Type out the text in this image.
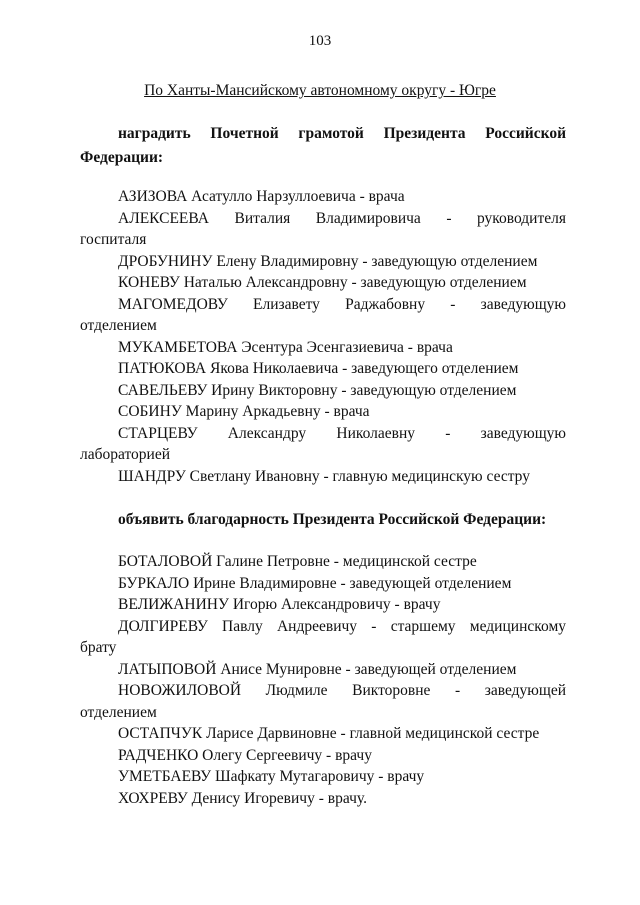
103
По Ханты-Мансийскому автономному округу - Югре
наградить Почетной грамотой Президента Российской
Федерации:
АЗИЗОВА Асатулло Нарзуллоевича - врача
АЛЕКСЕЕВА Виталия Владимировича - руководителя
госпиталя
ДРОБУНИНУ Елену Владимировну - заведующую отделением
КОНЕВУ Наталью Александровну - заведующую отделением
МАГОМЕДОВУ Елизавету Раджабовну - заведующую
отделением
МУКАМБЕТОВА Эсентура Эсенгазиевича - врача
ПАТЮКОВА Якова Николаевича - заведующего отделением
САВЕЛЬЕВУ Ирину Викторовну - заведующую отделением
СОБИНУ Марину Аркадьевну - врача
СТАРЦЕВУ Александру Николаевну - заведующую
лабораторией
ШАНДРУ Светлану Ивановну - главную медицинскую сестру
объявить благодарность Президента Российской Федерации:
БОТАЛОВОЙ Галине Петровне - медицинской сестре
БУРКАЛО Ирине Владимировне - заведующей отделением
ВЕЛИЖАНИНУ Игорю Александровичу - врачу
ДОЛГИРЕВУ Павлу Андреевичу - старшему медицинскому
брату
ЛАТЫПОВОЙ Анисе Мунировне - заведующей отделением
НОВОЖИЛОВОЙ Людмиле Викторовне - заведующей
отделением
ОСТАПЧУК Ларисе Дарвиновне - главной медицинской сестре
РАДЧЕНКО Олегу Сергеевичу - врачу
УМЕТБАЕВУ Шафкату Мутагаровичу - врачу
ХОХРЕВУ Денису Игоревичу - врачу.
